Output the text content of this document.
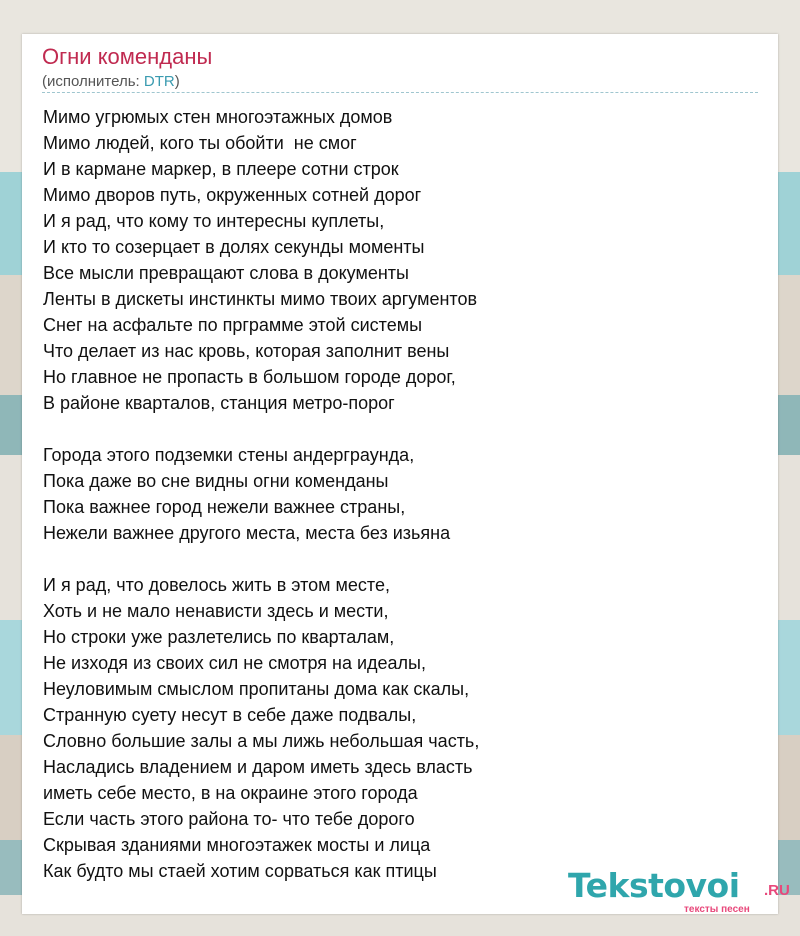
Огни коменданы
(исполнитель: DTR)
Мимо угрюмых стен многоэтажных домов
Мимо людей, кого ты обойти  не смог
И в кармане маркер, в плеере сотни строк
Мимо дворов путь, окруженных сотней дорог
И я рад, что кому то интересны куплеты,
И кто то созерцает в долях секунды моменты
Все мысли превращают слова в документы
Ленты в дискеты инстинкты мимо твоих аргументов
Снег на асфальте по прграмме этой системы
Что делает из нас кровь, которая заполнит вены
Но главное не пропасть в большом городе дорог,
В районе кварталов, станция метро-порог
Города этого подземки стены андерграунда,
Пока даже во сне видны огни коменданы
Пока важнее город нежели важнее страны,
Нежели важнее другого места, места без изьяна
И я рад, что довелось жить в этом месте,
Хоть и не мало ненависти здесь и мести,
Но строки уже разлетелись по кварталам,
Не изходя из своих сил не смотря на идеалы,
Неуловимым смыслом пропитаны дома как скалы,
Странную суету несут в себе даже подвалы,
Словно большие залы а мы лижь небольшая часть,
Насладись владением и даром иметь здесь власть
иметь себе место, в на окраине этого города
Если часть этого района то- что тебе дорого
Скрывая зданиями многоэтажек мосты и лица
Как будто мы стаей хотим сорваться как птицы	Tekstovoi .RU
тексты песен
